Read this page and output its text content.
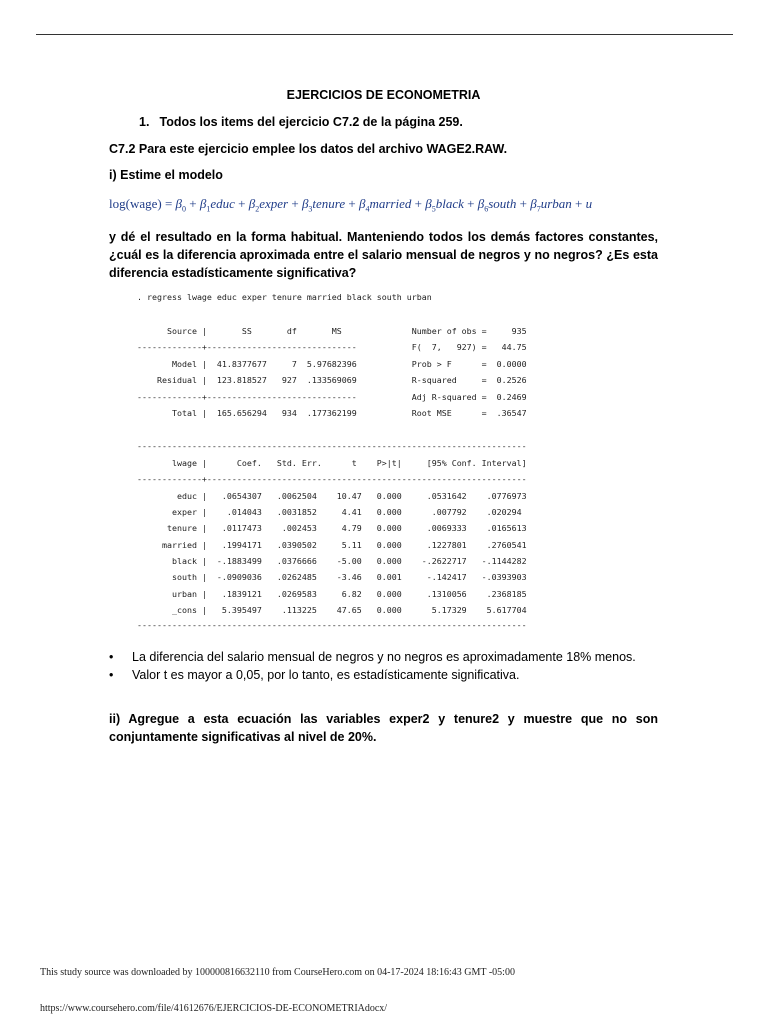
EJERCICIOS DE ECONOMETRIA
1. Todos los items del ejercicio C7.2 de la página 259.
C7.2 Para este ejercicio emplee los datos del archivo WAGE2.RAW.
i) Estime el modelo
log(wage) = $\beta_0$ + $\beta_1educ$ + $\beta_2exper$ + $\beta_3tenure$ + $\beta_4married$ + $\beta_5black$ + $\beta_6south$ + $\beta_7urban + u$
y dé el resultado en la forma habitual. Manteniendo todos los demás factores constantes, ¿cuál es la diferencia aproximada entre el salario mensual de negros y no negros? ¿Es esta diferencia estadísticamente significativa?
. regress lwage educ exper tenure married black south urban
Source |       SS       df       MS              Number of obs =     935
-------------+------------------------------           F(  7,   927) =   44.75
Model |  41.8377677     7  5.97682396           Prob > F      =  0.0000
Residual |  123.818527   927  .133569069           R-squared     =  0.2526
-------------+------------------------------           Adj R-squared =  0.2469
Total |  165.656294   934  .177362199           Root MSE      =  .36547
------------------------------------------------------------------------------
lwage |      Coef.   Std. Err.      t    P>|t|     [95% Conf. Interval]
-------------+----------------------------------------------------------------
educ |   .0654307   .0062504    10.47   0.000     .0531642    .0776973
exper |    .014043   .0031852     4.41   0.000      .007792    .020294
tenure |   .0117473    .002453     4.79   0.000     .0069333    .0165613
married |   .1994171   .0390502     5.11   0.000     .1227801    .2760541
black |  -.1883499   .0376666    -5.00   0.000    -.2622717   -.1144282
south |  -.0909036   .0262485    -3.46   0.001     -.142417   -.0393903
urban |   .1839121   .0269583     6.82   0.000     .1310056    .2368185
_cons |   5.395497    .113225    47.65   0.000      5.17329    5.617704
------------------------------------------------------------------------------
• La diferencia del salario mensual de negros y no negros es aproximadamente 18% menos.
• Valor t es mayor a 0,05, por lo tanto, es estadísticamente significativa.
ii) Agregue a esta ecuación las variables exper2 y tenure2 y muestre que no son conjuntamente significativas al nivel de 20%.
This study source was downloaded by 100000816632110 from CourseHero.com on 04-17-2024 18:16:43 GMT -05:00
https://www.coursehero.com/file/41612676/EJERCICIOS-DE-ECONOMETRIAdocx/
